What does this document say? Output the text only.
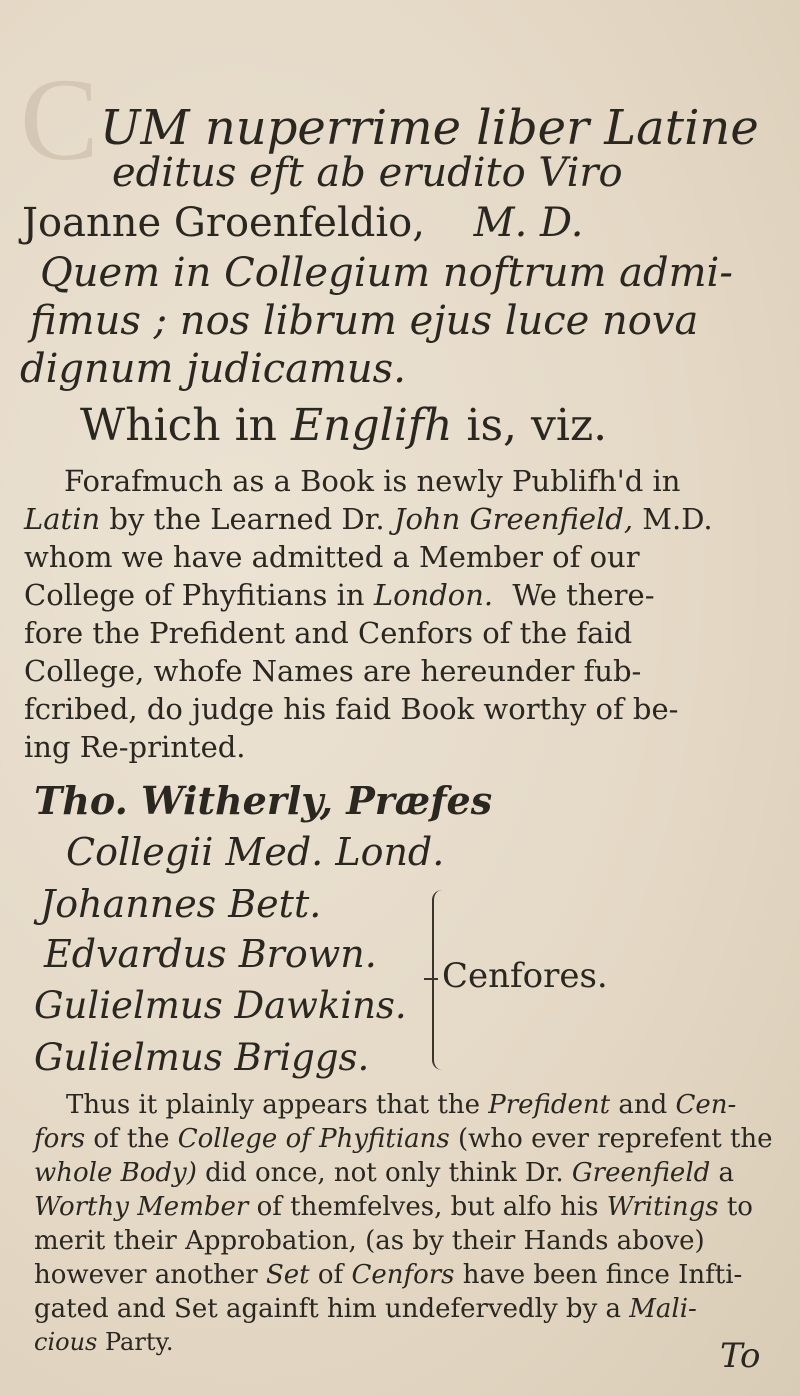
C UM nuperrime liber Latine
editus eft ab erudito Viro
Joanne Groenfeldio, M. D.
Quem in Collegium noftrum admi-
fimus ; nos librum ejus luce nova
dignum judicamus.
Which in Englifh is, viz.
Forafmuch as a Book is newly Publifh'd in
Latin by the Learned Dr. John Greenfield, M.D.
whom we have admitted a Member of our
College of Phyfitians in London. We there-
fore the Prefident and Cenfors of the faid
College, whofe Names are hereunder fub-
fcribed, do judge his faid Book worthy of be-
ing Re-printed.
Tho. Witherly, Præfes
Collegii Med. Lond.
Johannes Bett.
Edvardus Brown.
Gulielmus Dawkins.
Gulielmus Briggs.
Cenfores.
Thus it plainly appears that the Prefident and Cen-
fors of the College of Phyfitians (who ever reprefent the
whole Body) did once, not only think Dr. Greenfield a
Worthy Member of themfelves, but alfo his Writings to
merit their Approbation, (as by their Hands above)
however another Set of Cenfors have been fince Infti-
gated and Set againft him undefervedly by a Mali-
cious Party.	To
